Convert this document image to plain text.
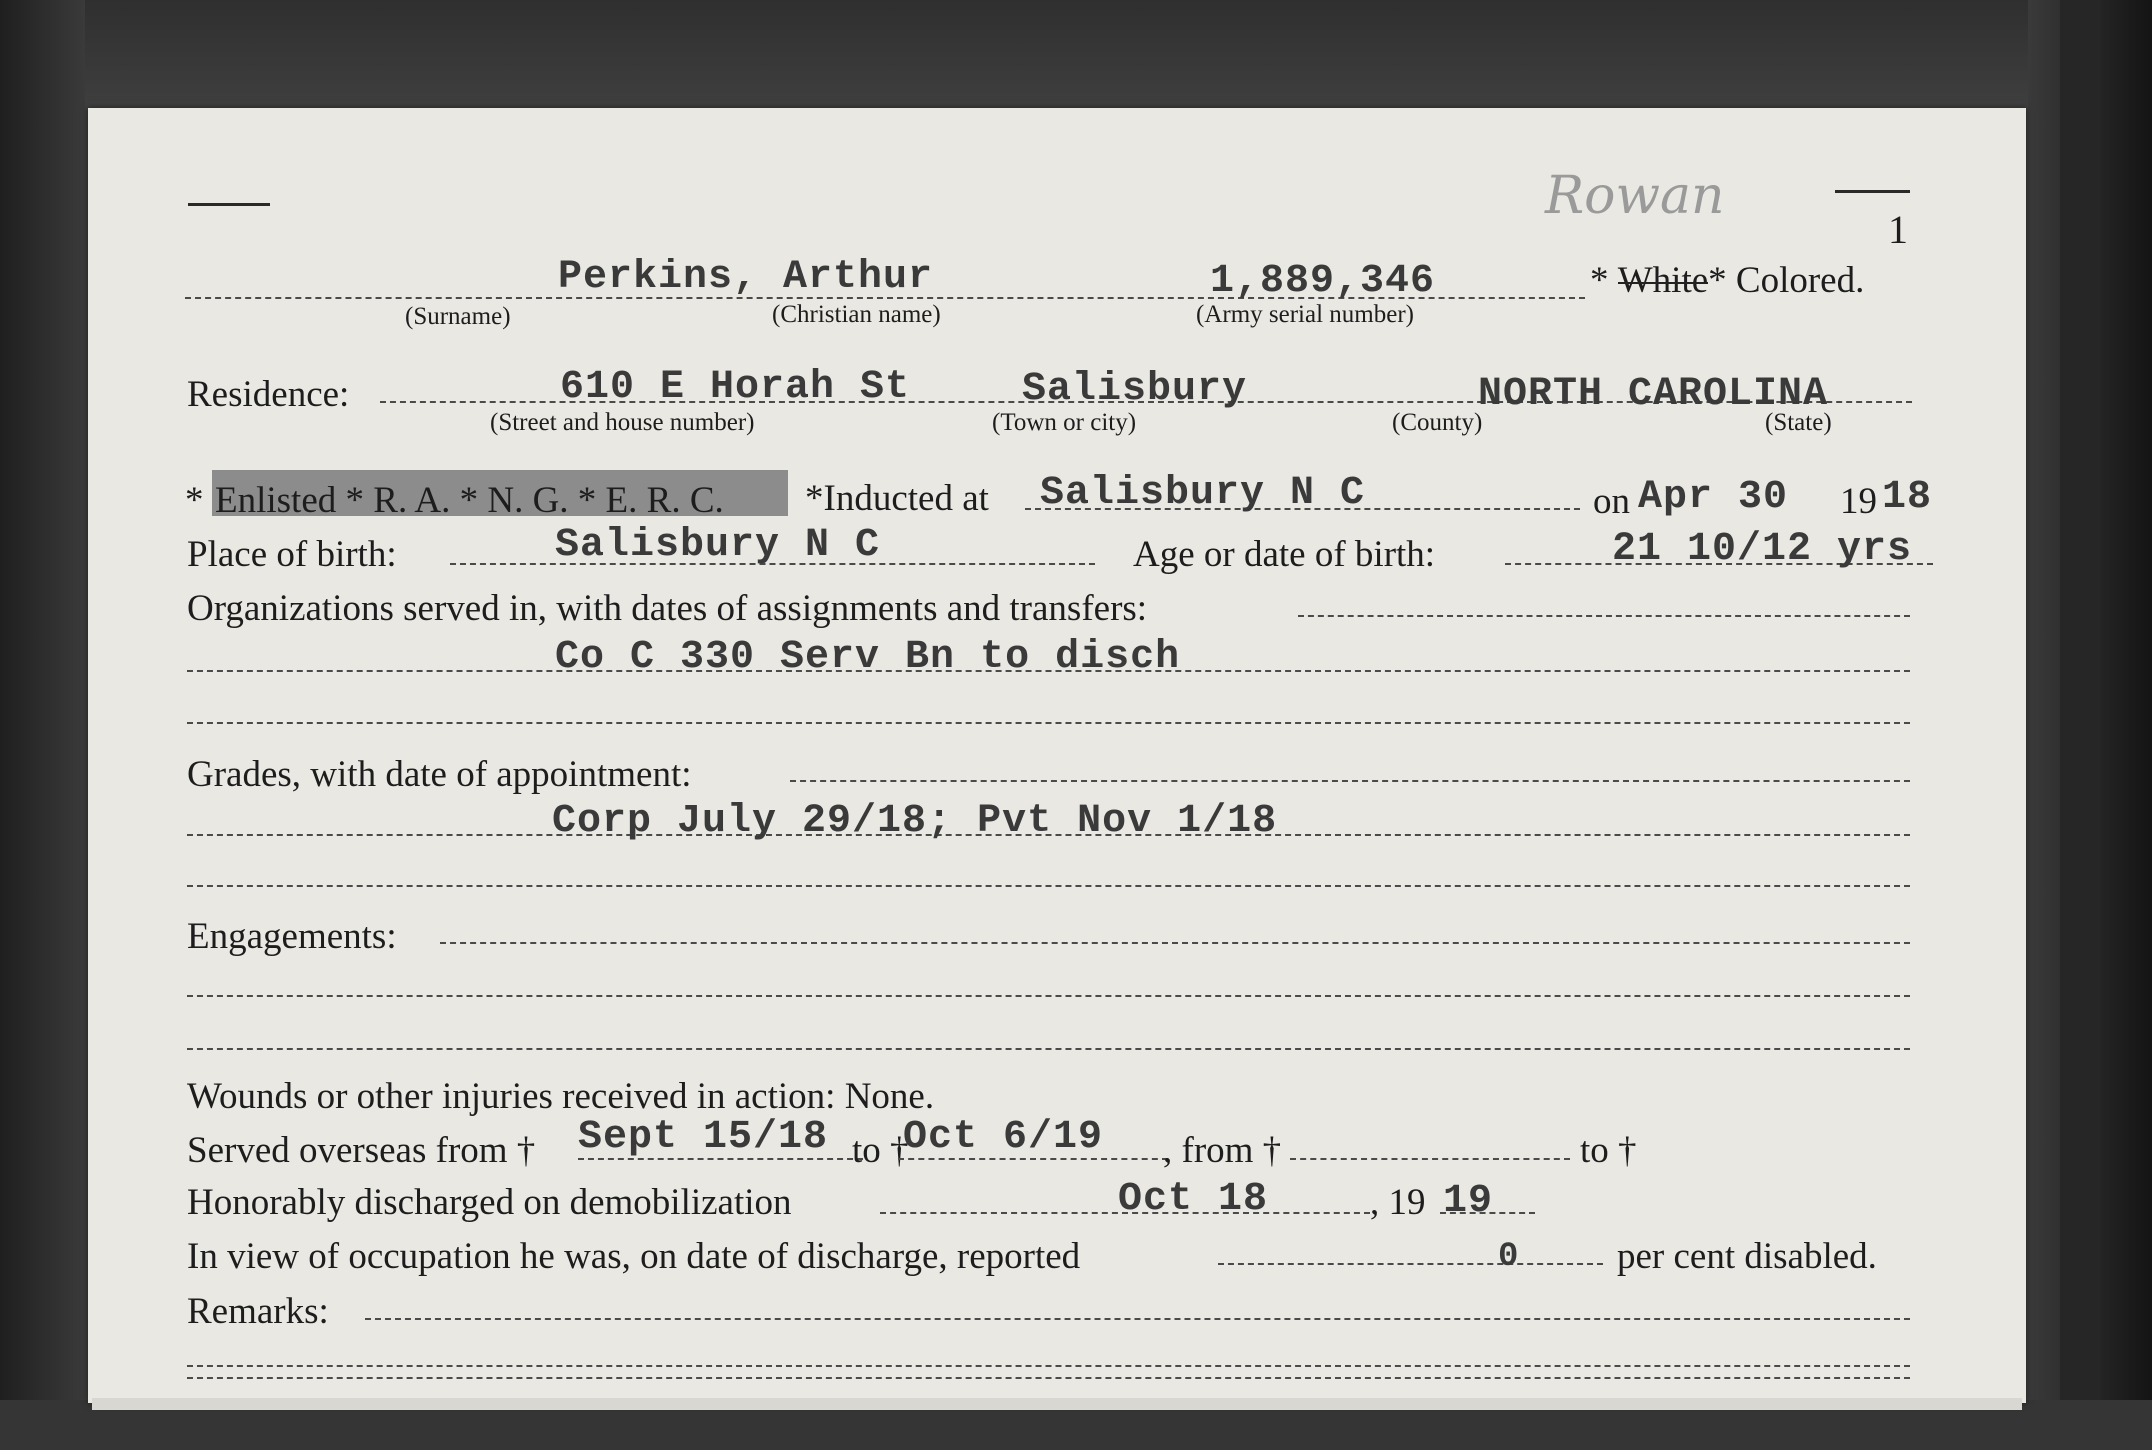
1
Rowan
Perkins, Arthur	1,889,346	* White* Colored.
(Surname)	(Christian name)	(Army serial number)
Residence:	610 E Horah St	Salisbury	NORTH CAROLINA
(Street and house number)	(Town or city)	(County)	(State)
* Enlisted * R. A. * N. G. * E. R. C. *Inducted at Salisbury N C	on Apr 30 19 18
Place of birth:	Salisbury N C	Age or date of birth:	21 10/12 yrs
Organizations served in, with dates of assignments and transfers:
Co C 330 Serv Bn to disch
Grades, with date of appointment:
Corp July 29/18; Pvt Nov 1/18
Engagements:
Wounds or other injuries received in action: None.
Served overseas from † Sept 15/18 to †
Oct 6/19 , from †	to †
Honorably discharged on demobilization	Oct 18	, 19 19
In view of occupation he was, on date of discharge, reported	0	per cent disabled.
Remarks:
